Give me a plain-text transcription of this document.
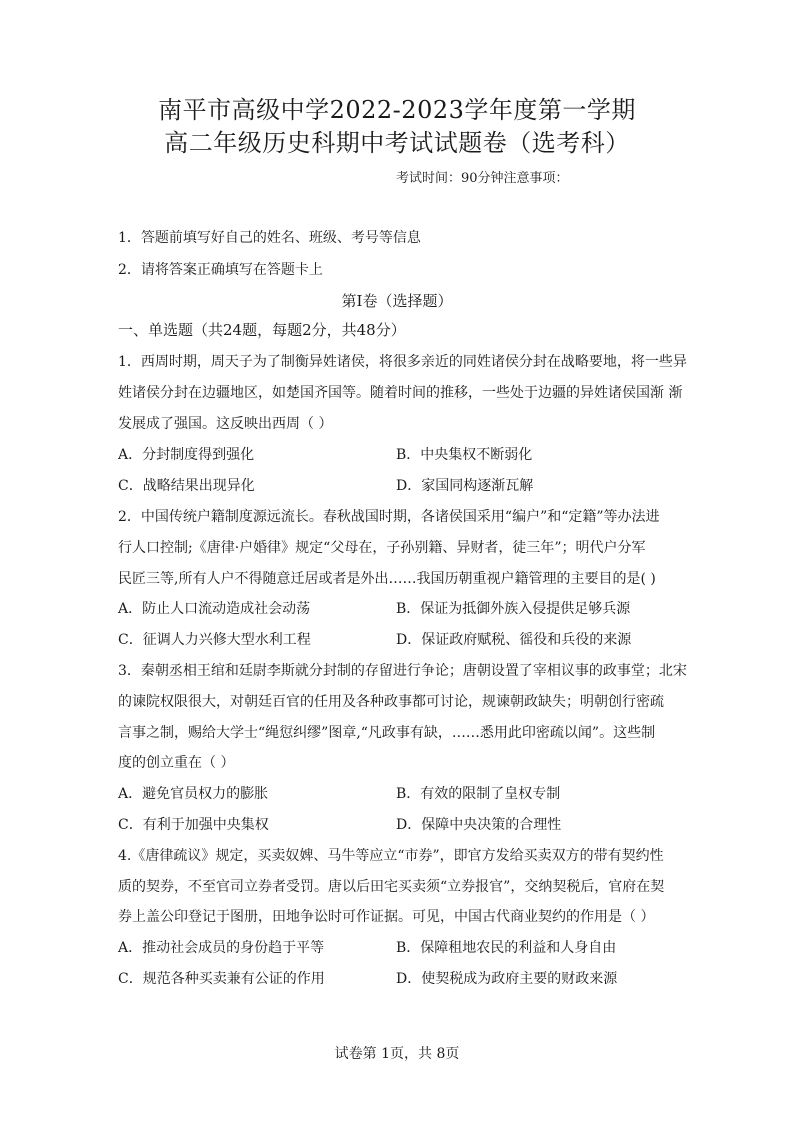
南平市高级中学2022-2023学年度第一学期
高二年级历史科期中考试试题卷（选考科）
考试时间：90分钟注意事项：
1．答题前填写好自己的姓名、班级、考号等信息
2．请将答案正确填写在答题卡上
第I卷（选择题）
一、单选题（共24题，每题2分，共48分）
1．西周时期，周天子为了制衡异姓诸侯，将很多亲近的同姓诸侯分封在战略要地，将一些异
姓诸侯分封在边疆地区，如楚国齐国等。随着时间的推移，一些处于边疆的异姓诸侯国渐 渐
发展成了强国。这反映出西周（ ）
A．分封制度得到强化	B．中央集权不断弱化
C．战略结果出现异化	D．家国同构逐渐瓦解
2．中国传统户籍制度源远流长。春秋战国时期，各诸侯国采用“编户”和“定籍”等办法进
行人口控制;《唐律·户婚律》规定“父母在，子孙别籍、异财者，徒三年”；明代户分军
民匠三等,所有人户不得随意迁居或者是外出……我国历朝重视户籍管理的主要目的是( )
A．防止人口流动造成社会动荡	B．保证为抵御外族入侵提供足够兵源
C．征调人力兴修大型水利工程	D．保证政府赋税、徭役和兵役的来源
3．秦朝丞相王绾和廷尉李斯就分封制的存留进行争论；唐朝设置了宰相议事的政事堂；北宋
的谏院权限很大，对朝廷百官的任用及各种政事都可讨论，规谏朝政缺失；明朝创行密疏
言事之制，赐给大学士“绳愆纠缪”图章,“凡政事有缺，……悉用此印密疏以闻”。这些制
度的创立重在（ ）
A．避免官员权力的膨胀	B．有效的限制了皇权专制
C．有利于加强中央集权	D．保障中央决策的合理性
4.《唐律疏议》规定，买卖奴婢、马牛等应立“市券”，即官方发给买卖双方的带有契约性
质的契券，不至官司立券者受罚。唐以后田宅买卖须“立券报官”，交纳契税后，官府在契
券上盖公印登记于图册，田地争讼时可作证据。可见，中国古代商业契约的作用是（ ）
A．推动社会成员的身份趋于平等	B．保障租地农民的利益和人身自由
C．规范各种买卖兼有公证的作用	D．使契税成为政府主要的财政来源
试卷第 1页，共 8页
